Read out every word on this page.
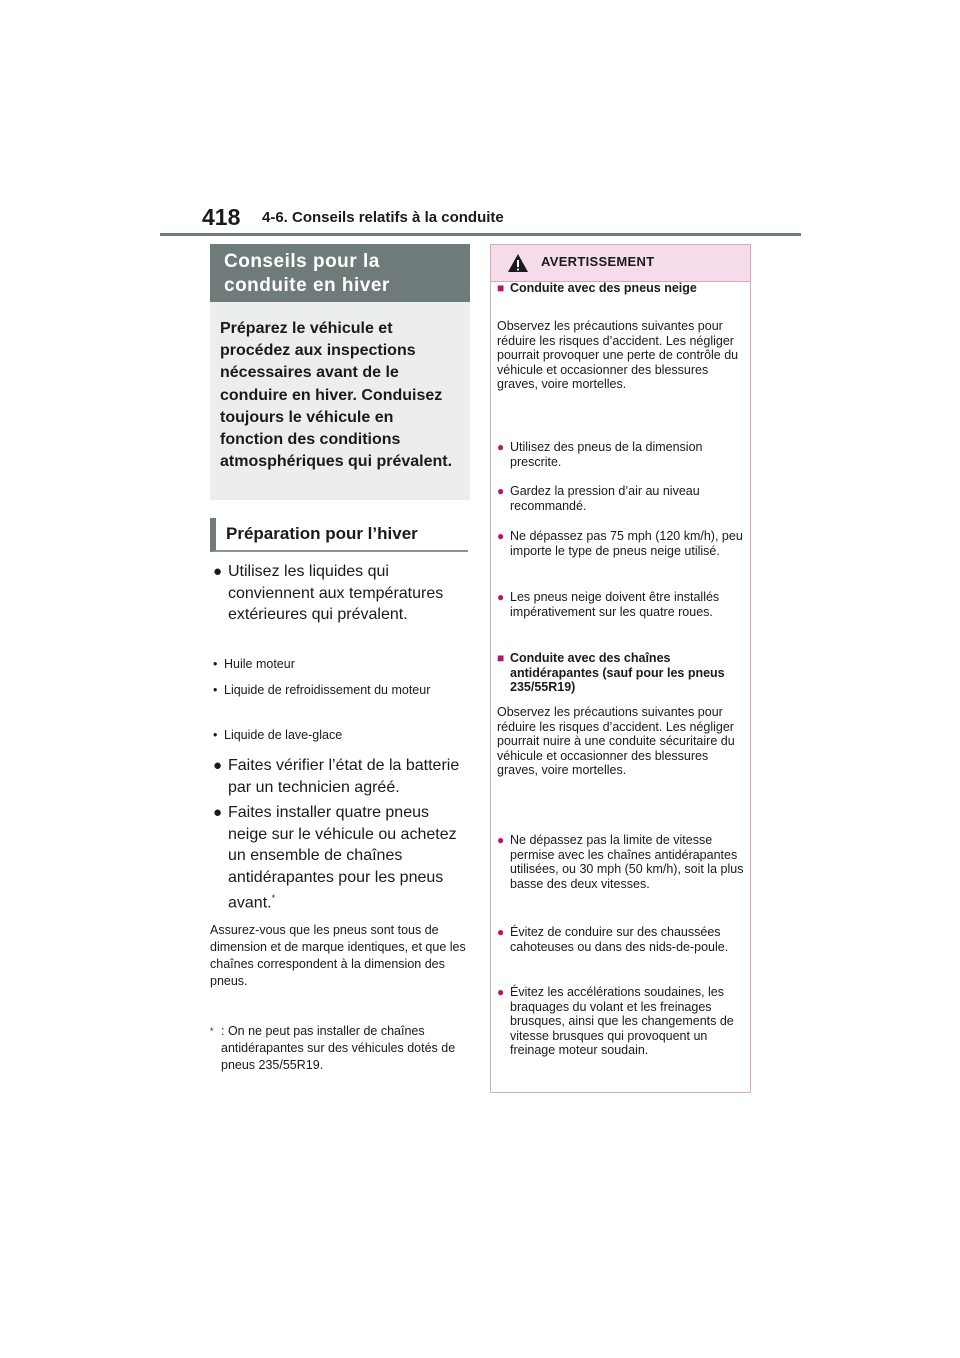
418 4-6. Conseils relatifs à la conduite
Conseils pour la conduite en hiver
Préparez le véhicule et procédez aux inspections nécessaires avant de le conduire en hiver. Conduisez toujours le véhicule en fonction des conditions atmosphériques qui prévalent.
Préparation pour l’hiver
● Utilisez les liquides qui conviennent aux températures extérieures qui prévalent.
• Huile moteur
• Liquide de refroidissement du moteur
• Liquide de lave-glace
● Faites vérifier l’état de la batterie par un technicien agréé.
● Faites installer quatre pneus neige sur le véhicule ou achetez un ensemble de chaînes antidérapantes pour les pneus avant.*
Assurez-vous que les pneus sont tous de dimension et de marque identiques, et que les chaînes correspondent à la dimension des pneus.
* : On ne peut pas installer de chaînes antidérapantes sur des véhicules dotés de pneus 235/55R19.
AVERTISSEMENT
■ Conduite avec des pneus neige
Observez les précautions suivantes pour réduire les risques d’accident. Les négliger pourrait provoquer une perte de contrôle du véhicule et occasionner des blessures graves, voire mortelles.
● Utilisez des pneus de la dimension prescrite.
● Gardez la pression d’air au niveau recommandé.
● Ne dépassez pas 75 mph (120 km/h), peu importe le type de pneus neige utilisé.
● Les pneus neige doivent être installés impérativement sur les quatre roues.
■ Conduite avec des chaînes antidérapantes (sauf pour les pneus 235/55R19)
Observez les précautions suivantes pour réduire les risques d’accident. Les négliger pourrait nuire à une conduite sécuritaire du véhicule et occasionner des blessures graves, voire mortelles.
● Ne dépassez pas la limite de vitesse permise avec les chaînes antidérapantes utilisées, ou 30 mph (50 km/h), soit la plus basse des deux vitesses.
● Évitez de conduire sur des chaussées cahoteuses ou dans des nids-de-poule.
● Évitez les accélérations soudaines, les braquages du volant et les freinages brusques, ainsi que les changements de vitesse brusques qui provoquent un freinage moteur soudain.
